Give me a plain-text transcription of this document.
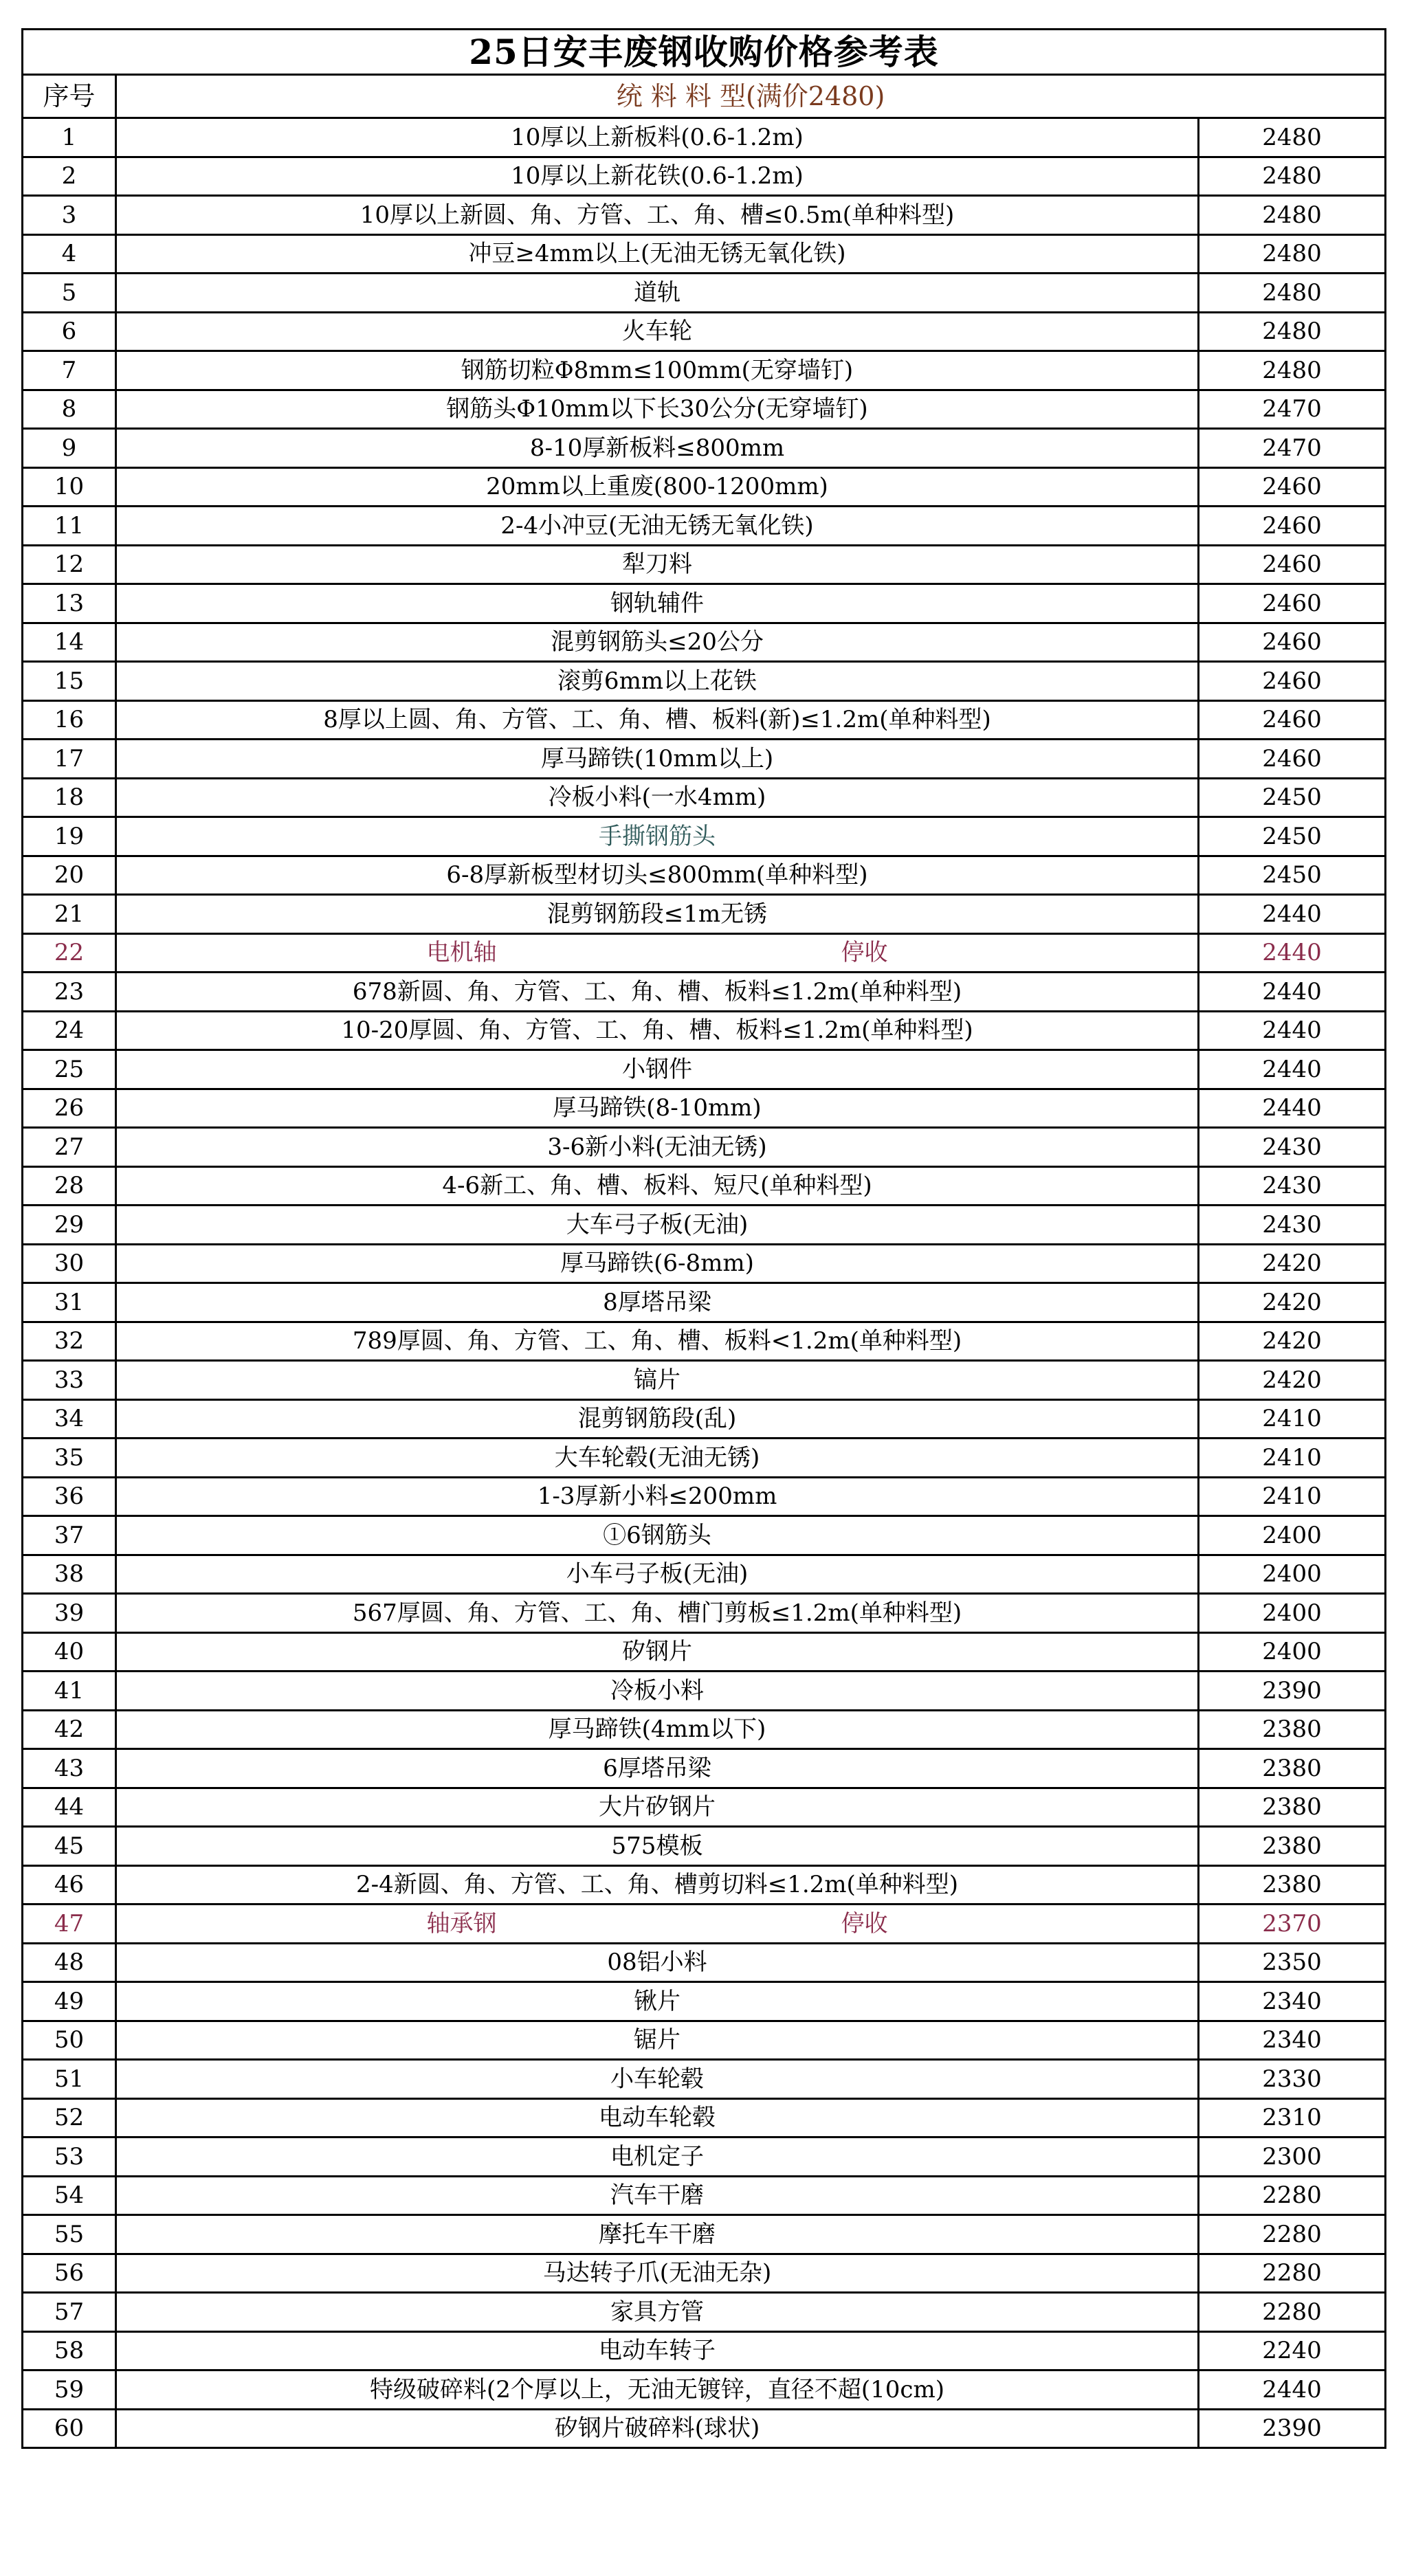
25日安丰废钢收购价格参考表		
序号	统 料 料 型(满价2480)	
1	10厚以上新板料(0.6-1.2m)	2480
2	10厚以上新花铁(0.6-1.2m)	2480
3	10厚以上新圆、角、方管、工、角、槽≤0.5m(单种料型)	2480
4	冲豆≥4mm以上(无油无锈无氧化铁)	2480
5	道轨	2480
6	火车轮	2480
7	钢筋切粒Φ8mm≤100mm(无穿墙钉)	2480
8	钢筋头Φ10mm以下长30公分(无穿墙钉)	2470
9	8-10厚新板料≤800mm	2470
10	20mm以上重废(800-1200mm)	2460
11	2-4小冲豆(无油无锈无氧化铁)	2460
12	犁刀料	2460
13	钢轨辅件	2460
14	混剪钢筋头≤20公分	2460
15	滚剪6mm以上花铁	2460
16	8厚以上圆、角、方管、工、角、槽、板料(新)≤1.2m(单种料型)	2460
17	厚马蹄铁(10mm以上)	2460
18	冷板小料(一水4mm)	2450
19	手撕钢筋头	2450
20	6-8厚新板型材切头≤800mm(单种料型)	2450
21	混剪钢筋段≤1m无锈	2440
22	电机轴 停收	2440
23	678新圆、角、方管、工、角、槽、板料≤1.2m(单种料型)	2440
24	10-20厚圆、角、方管、工、角、槽、板料≤1.2m(单种料型)	2440
25	小钢件	2440
26	厚马蹄铁(8-10mm)	2440
27	3-6新小料(无油无锈)	2430
28	4-6新工、角、槽、板料、短尺(单种料型)	2430
29	大车弓子板(无油)	2430
30	厚马蹄铁(6-8mm)	2420
31	8厚塔吊梁	2420
32	789厚圆、角、方管、工、角、槽、板料<1.2m(单种料型)	2420
33	镐片	2420
34	混剪钢筋段(乱)	2410
35	大车轮毂(无油无锈)	2410
36	1-3厚新小料≤200mm	2410
37	①6钢筋头	2400
38	小车弓子板(无油)	2400
39	567厚圆、角、方管、工、角、槽门剪板≤1.2m(单种料型)	2400
40	矽钢片	2400
41	冷板小料	2390
42	厚马蹄铁(4mm以下)	2380
43	6厚塔吊梁	2380
44	大片矽钢片	2380
45	575模板	2380
46	2-4新圆、角、方管、工、角、槽剪切料≤1.2m(单种料型)	2380
47	轴承钢 停收	2370
48	08铝小料	2350
49	锹片	2340
50	锯片	2340
51	小车轮毂	2330
52	电动车轮毂	2310
53	电机定子	2300
54	汽车干磨	2280
55	摩托车干磨	2280
56	马达转子爪(无油无杂)	2280
57	家具方管	2280
58	电动车转子	2240
59	特级破碎料(2个厚以上，无油无镀锌，直径不超(10cm)	2440
60	矽钢片破碎料(球状)	2390
